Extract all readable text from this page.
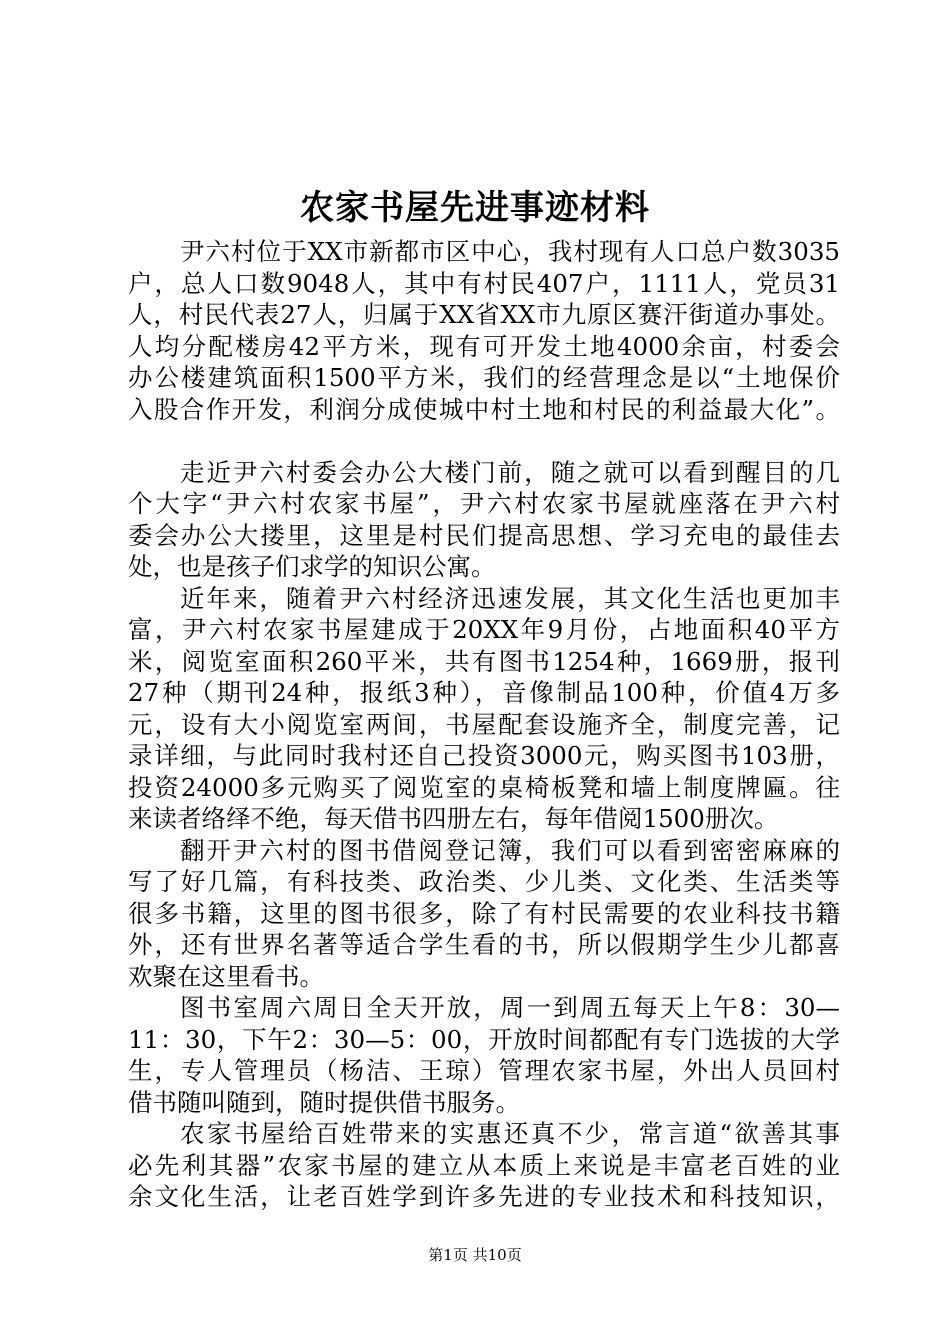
农家书屋先进事迹材料
尹六村位于XX市新都市区中心，我村现有人口总户数3035
户，总人口数9048人，其中有村民407户，1111人，党员31
人，村民代表27人，归属于XX省XX市九原区赛汗街道办事处。
人均分配楼房42平方米，现有可开发土地4000余亩，村委会
办公楼建筑面积1500平方米，我们的经营理念是以“土地保价
入股合作开发，利润分成使城中村土地和村民的利益最大化”。
走近尹六村委会办公大楼门前，随之就可以看到醒目的几
个大字“尹六村农家书屋”，尹六村农家书屋就座落在尹六村
委会办公大搂里，这里是村民们提高思想、学习充电的最佳去
处，也是孩子们求学的知识公寓。
近年来，随着尹六村经济迅速发展，其文化生活也更加丰
富，尹六村农家书屋建成于20XX年9月份，占地面积40平方
米，阅览室面积260平米，共有图书1254种，1669册，报刊
27种（期刊24种，报纸3种），音像制品100种，价值4万多
元，设有大小阅览室两间，书屋配套设施齐全，制度完善，记
录详细，与此同时我村还自己投资3000元，购买图书103册，
投资24000多元购买了阅览室的桌椅板凳和墙上制度牌匾。往
来读者络绎不绝，每天借书四册左右，每年借阅1500册次。
翻开尹六村的图书借阅登记簿，我们可以看到密密麻麻的
写了好几篇，有科技类、政治类、少儿类、文化类、生活类等
很多书籍，这里的图书很多，除了有村民需要的农业科技书籍
外，还有世界名著等适合学生看的书，所以假期学生少儿都喜
欢聚在这里看书。
图书室周六周日全天开放，周一到周五每天上午8：30—
11：30，下午2：30—5：00，开放时间都配有专门选拔的大学
生，专人管理员（杨洁、王琼）管理农家书屋，外出人员回村
借书随叫随到，随时提供借书服务。
农家书屋给百姓带来的实惠还真不少，常言道“欲善其事
必先利其器”农家书屋的建立从本质上来说是丰富老百姓的业
余文化生活，让老百姓学到许多先进的专业技术和科技知识，
第1页 共10页
